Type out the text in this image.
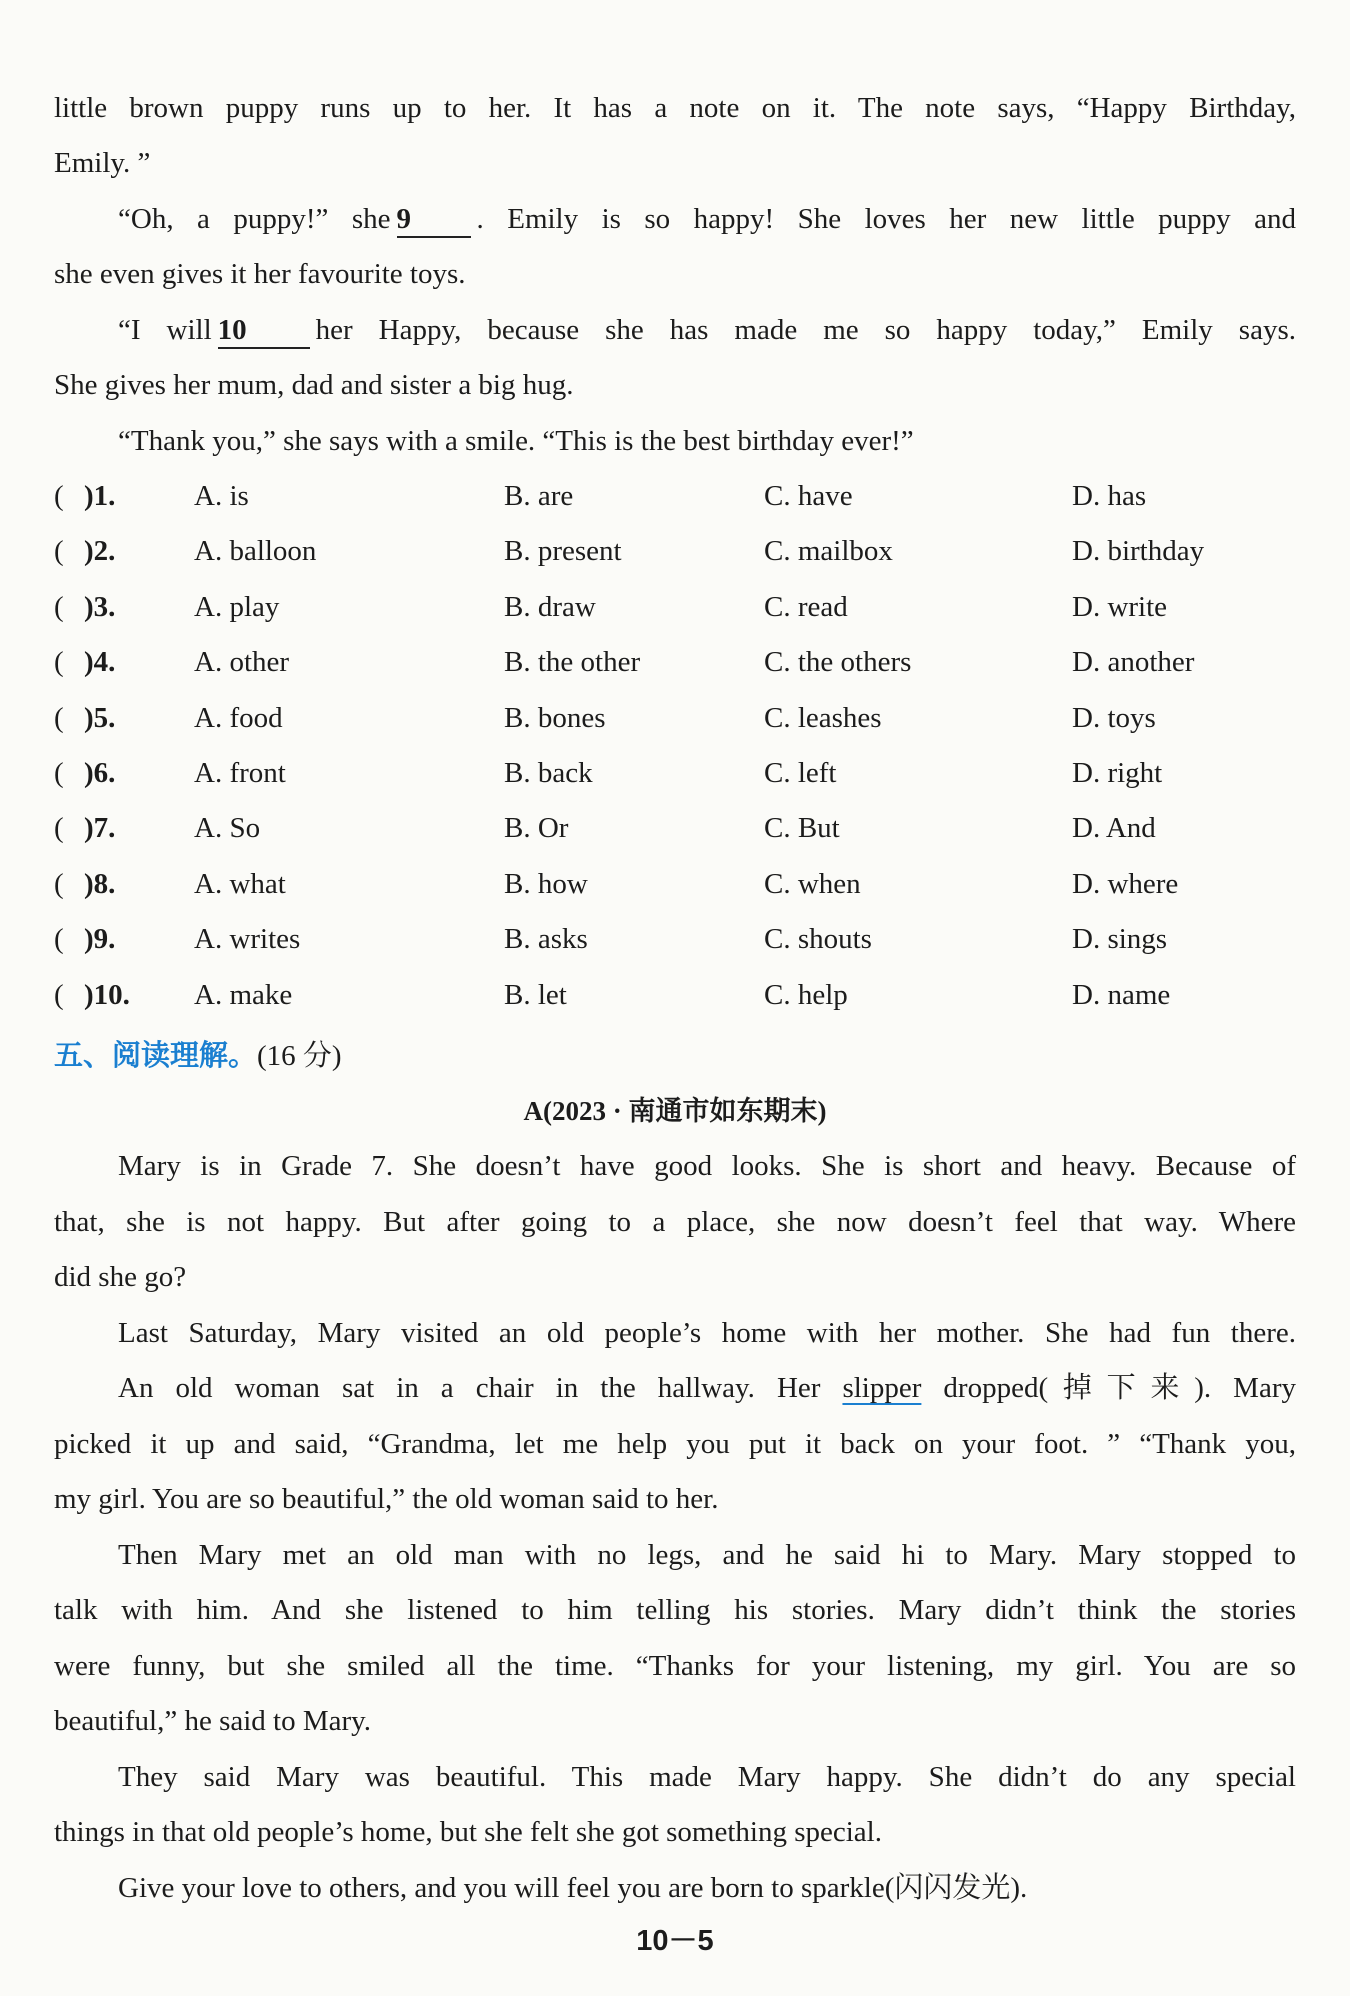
little brown puppy runs up to her. It has a note on it. The note says, “Happy Birthday,
Emily. ”
“Oh, a puppy!” she 9 . Emily is so happy! She loves her new little puppy and
she even gives it her favourite toys.
“I will 10 her Happy, because she has made me so happy today,” Emily says.
She gives her mum, dad and sister a big hug.
“Thank you,” she says with a smile. “This is the best birthday ever!”
( )1.	A. is	B. are	C. have	D. has
( )2.	A. balloon	B. present	C. mailbox	D. birthday
( )3.	A. play	B. draw	C. read	D. write
( )4.	A. other	B. the other	C. the others	D. another
( )5.	A. food	B. bones	C. leashes	D. toys
( )6.	A. front	B. back	C. left	D. right
( )7.	A. So	B. Or	C. But	D. And
( )8.	A. what	B. how	C. when	D. where
( )9.	A. writes	B. asks	C. shouts	D. sings
( )10. A. make	B. let	C. help	D. name
五、阅读理解。(16 分)
A(2023 · 南通市如东期末)
Mary is in Grade 7. She doesn’t have good looks. She is short and heavy. Because of
that, she is not happy. But after going to a place, she now doesn’t feel that way. Where
did she go?
Last Saturday, Mary visited an old people’s home with her mother. She had fun there.
An old woman sat in a chair in the hallway. Her slipper dropped(掉下来). Mary
picked it up and said, “Grandma, let me help you put it back on your foot. ” “Thank you,
my girl. You are so beautiful,” the old woman said to her.
Then Mary met an old man with no legs, and he said hi to Mary. Mary stopped to
talk with him. And she listened to him telling his stories. Mary didn’t think the stories
were funny, but she smiled all the time. “Thanks for your listening, my girl. You are so
beautiful,” he said to Mary.
They said Mary was beautiful. This made Mary happy. She didn’t do any special
things in that old people’s home, but she felt she got something special.
Give your love to others, and you will feel you are born to sparkle(闪闪发光).
10－5
